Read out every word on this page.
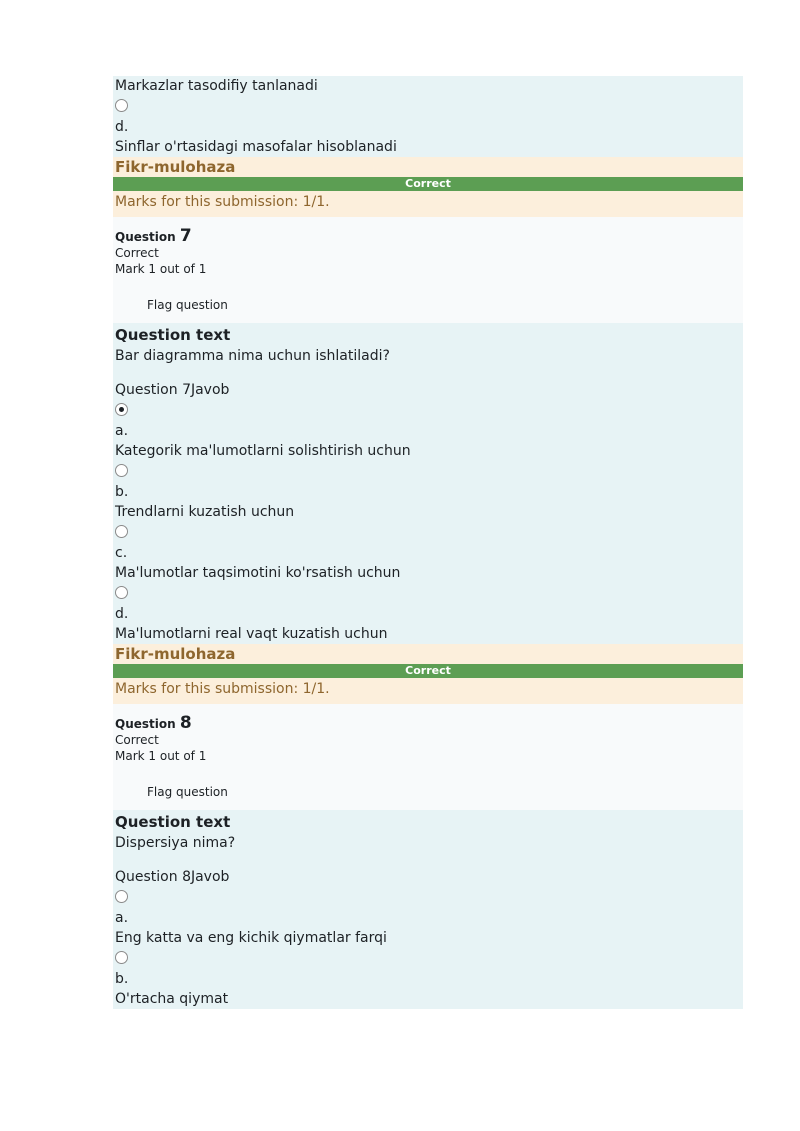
Markazlar tasodifiy tanlanadi
d.
Sinflar o'rtasidagi masofalar hisoblanadi
Fikr-mulohaza
Correct
Marks for this submission: 1/1.
Question 7
Correct
Mark 1 out of 1
Flag question
Question text
Bar diagramma nima uchun ishlatiladi?
Question 7Javob
a.
Kategorik ma'lumotlarni solishtirish uchun
b.
Trendlarni kuzatish uchun
c.
Ma'lumotlar taqsimotini ko'rsatish uchun
d.
Ma'lumotlarni real vaqt kuzatish uchun
Fikr-mulohaza
Correct
Marks for this submission: 1/1.
Question 8
Correct
Mark 1 out of 1
Flag question
Question text
Dispersiya nima?
Question 8Javob
a.
Eng katta va eng kichik qiymatlar farqi
b.
O'rtacha qiymat
